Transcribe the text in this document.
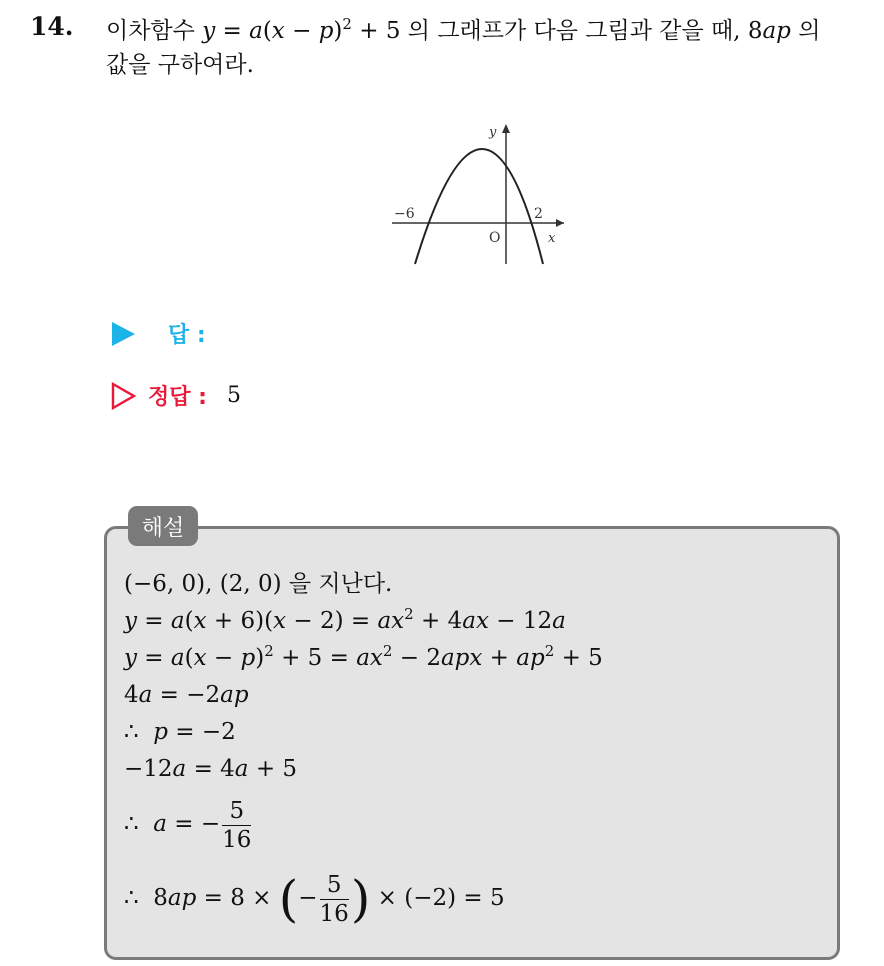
14. 이차함수 $y = a(x - p)^2 + 5$ 의 그래프가 다음 그림과 같을 때, 8ap 의
값을 구하여라.
y
x
O
−6	2
답 :
정답 : 5
해설
(−6, 0), (2, 0) 을 지난다.
$y = a(x + 6)(x - 2) = ax^2 + 4ax - 12a$
$y = a(x - p)^2 + 5 = ax^2 - 2apx + ap^2 + 5$
4a = −2ap
∴  p = −2
−12a = 4a + 5
∴  a = − $\frac{5}{16}$
∴  8ap = 8 × (− $\frac{5}{16}$ ) × (−2) = 5
